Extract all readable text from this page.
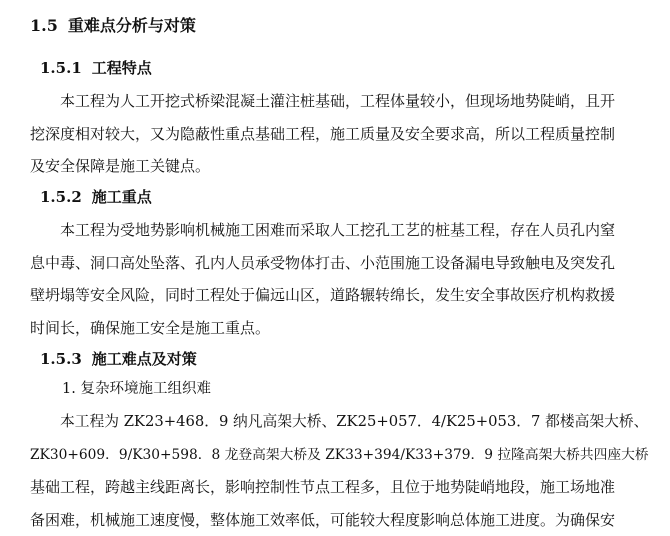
1.5 重难点分析与对策
1.5.1 工程特点
本工程为人工开挖式桥梁混凝土灌注桩基础，工程体量较小，但现场地势陡峭，且开
挖深度相对较大，又为隐蔽性重点基础工程，施工质量及安全要求高，所以工程质量控制
及安全保障是施工关键点。
1.5.2 施工重点
本工程为受地势影响机械施工困难而采取人工挖孔工艺的桩基工程，存在人员孔内窒
息中毒、洞口高处坠落、孔内人员承受物体打击、小范围施工设备漏电导致触电及突发孔
壁坍塌等安全风险，同时工程处于偏远山区，道路辗转绵长，发生安全事故医疗机构救援
时间长，确保施工安全是施工重点。
1.5.3 施工难点及对策
1. 复杂环境施工组织难
本工程为 ZK23+468．9 纳凡高架大桥、ZK25+057．4/K25+053．7 都楼高架大桥、
ZK30+609．9/K30+598．8 龙登高架大桥及 ZK33+394/K33+379．9 拉隆高架大桥共四座大桥
基础工程，跨越主线距离长，影响控制性节点工程多，且位于地势陡峭地段，施工场地准
备困难，机械施工速度慢，整体施工效率低，可能较大程度影响总体施工进度。为确保安
